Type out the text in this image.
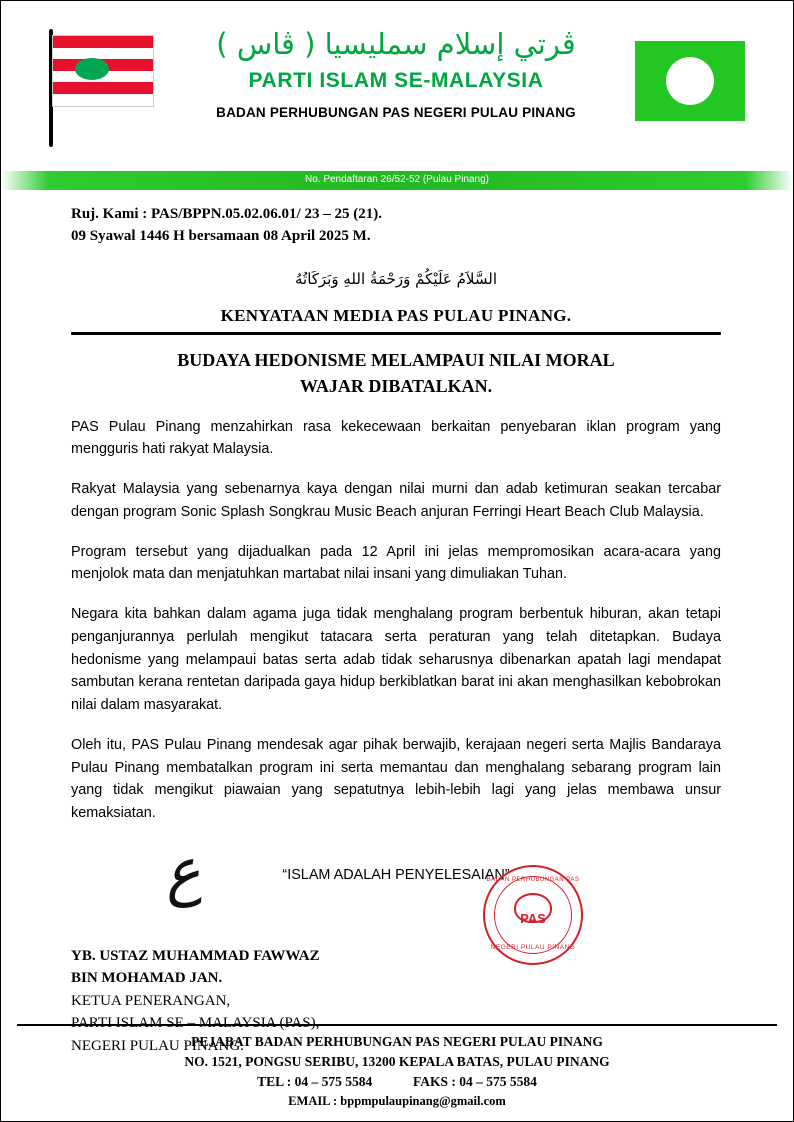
ڤرتي إسلام سمليسيا ( ڤاس )
PARTI ISLAM SE-MALAYSIA
BADAN PERHUBUNGAN PAS NEGERI PULAU PINANG
No. Pendaftaran 26/52-52 (Pulau Pinang)
Ruj. Kami : PAS/BPPN.05.02.06.01/ 23 – 25 (21).
09 Syawal 1446 H bersamaan 08 April 2025 M.
السَّلاَمُ عَلَيْكُمْ وَرَحْمَةُ اللهِ وَبَرَكَاتُهُ
KENYATAAN MEDIA PAS PULAU PINANG.
BUDAYA HEDONISME MELAMPAUI NILAI MORAL
WAJAR DIBATALKAN.

PAS Pulau Pinang menzahirkan rasa kekecewaan berkaitan penyebaran iklan program yang mengguris hati rakyat Malaysia.

Rakyat Malaysia yang sebenarnya kaya dengan nilai murni dan adab ketimuran seakan tercabar dengan program Sonic Splash Songkrau Music Beach anjuran Ferringi Heart Beach Club Malaysia.

Program tersebut yang dijadualkan pada 12 April ini jelas mempromosikan acara-acara yang menjolok mata dan menjatuhkan martabat nilai insani yang dimuliakan Tuhan.

Negara kita bahkan dalam agama juga tidak menghalang program berbentuk hiburan, akan tetapi penganjurannya perlulah mengikut tatacara serta peraturan yang telah ditetapkan. Budaya hedonisme yang melampaui batas serta adab tidak seharusnya dibenarkan apatah lagi mendapat sambutan kerana rentetan daripada gaya hidup berkiblatkan barat ini akan menghasilkan kebobrokan nilai dalam masyarakat.

Oleh itu, PAS Pulau Pinang mendesak agar pihak berwajib, kerajaan negeri serta Majlis Bandaraya Pulau Pinang membatalkan program ini serta memantau dan menghalang sebarang program lain yang tidak mengikut piawaian yang sepatutnya lebih-lebih lagi yang jelas membawa unsur kemaksiatan.

“ISLAM ADALAH PENYELESAIAN”
ﻉ	BADAN PERHUBUNGAN PAS
PAS
NEGERI PULAU PINANG
YB. USTAZ MUHAMMAD FAWWAZ
BIN MOHAMAD JAN.
KETUA PENERANGAN,
PARTI ISLAM SE – MALAYSIA (PAS),
NEGERI PULAU PINANG.
PEJABAT BADAN PERHUBUNGAN PAS NEGERI PULAU PINANG
NO. 1521, PONGSU SERIBU, 13200 KEPALA BATAS, PULAU PINANG
TEL : 04 – 575 5584	FAKS : 04 – 575 5584
EMAIL : bppmpulaupinang@gmail.com
